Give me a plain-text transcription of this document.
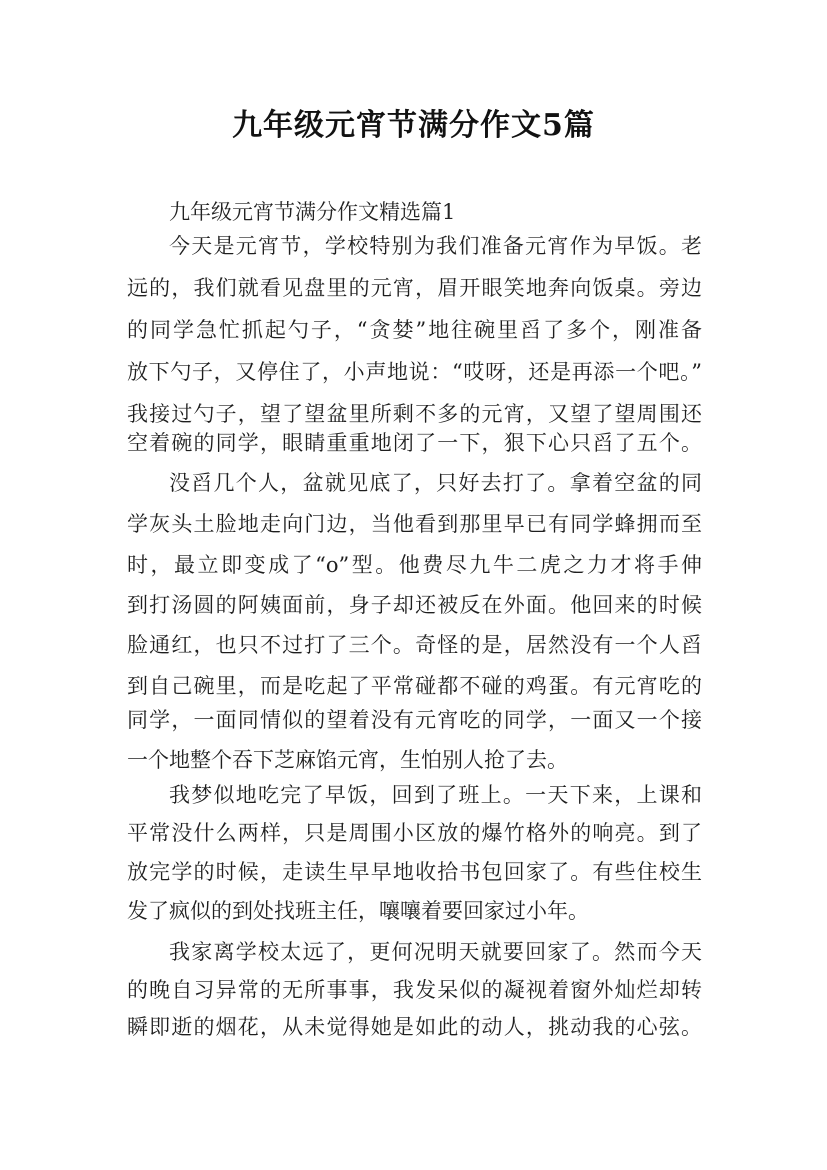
九年级元宵节满分作文5篇
九年级元宵节满分作文精选篇1
今天是元宵节，学校特别为我们准备元宵作为早饭。老
远的，我们就看见盘里的元宵，眉开眼笑地奔向饭桌。旁边
的同学急忙抓起勺子，“贪婪”地往碗里舀了多个，刚准备
放下勺子，又停住了，小声地说：“哎呀，还是再添一个吧。”
我接过勺子，望了望盆里所剩不多的元宵，又望了望周围还
空着碗的同学，眼睛重重地闭了一下，狠下心只舀了五个。
没舀几个人，盆就见底了，只好去打了。拿着空盆的同
学灰头土脸地走向门边，当他看到那里早已有同学蜂拥而至
时，最立即变成了“o”型。他费尽九牛二虎之力才将手伸
到打汤圆的阿姨面前，身子却还被反在外面。他回来的时候
脸通红，也只不过打了三个。奇怪的是，居然没有一个人舀
到自己碗里，而是吃起了平常碰都不碰的鸡蛋。有元宵吃的
同学，一面同情似的望着没有元宵吃的同学，一面又一个接
一个地整个吞下芝麻馅元宵，生怕别人抢了去。
我梦似地吃完了早饭，回到了班上。一天下来，上课和
平常没什么两样，只是周围小区放的爆竹格外的响亮。到了
放完学的时候，走读生早早地收拾书包回家了。有些住校生
发了疯似的到处找班主任，嚷嚷着要回家过小年。
我家离学校太远了，更何况明天就要回家了。然而今天
的晚自习异常的无所事事，我发呆似的凝视着窗外灿烂却转
瞬即逝的烟花，从未觉得她是如此的动人，挑动我的心弦。
